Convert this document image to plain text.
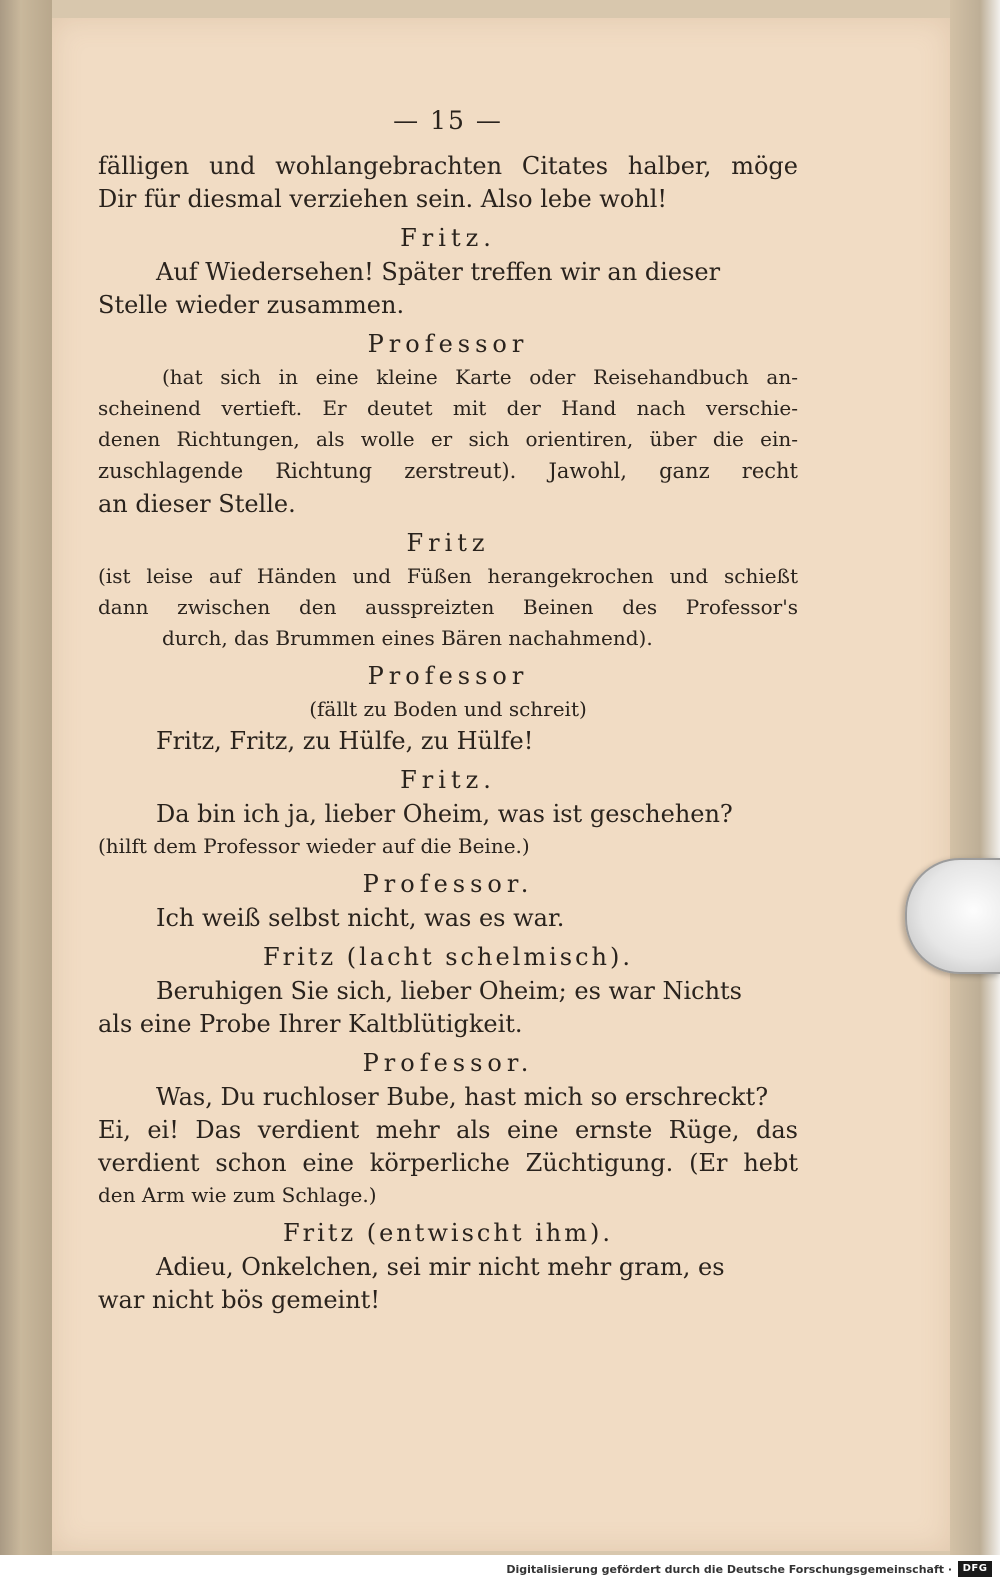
— 15 —
fälligen und wohlangebrachten Citates halber, möge
Dir für diesmal verziehen sein. Also lebe wohl!
Fritz.
Auf Wiedersehen! Später treffen wir an dieser
Stelle wieder zusammen.
Professor
(hat sich in eine kleine Karte oder Reisehandbuch an-
scheinend vertieft. Er deutet mit der Hand nach verschie-
denen Richtungen, als wolle er sich orientiren, über die ein-
zuschlagende Richtung zerstreut). Jawohl, ganz recht
an dieser Stelle.
Fritz
(ist leise auf Händen und Füßen herangekrochen und schießt
dann zwischen den ausspreizten Beinen des Professor's
durch, das Brummen eines Bären nachahmend).
Professor
(fällt zu Boden und schreit)
Fritz, Fritz, zu Hülfe, zu Hülfe!
Fritz.
Da bin ich ja, lieber Oheim, was ist geschehen?
(hilft dem Professor wieder auf die Beine.)
Professor.
Ich weiß selbst nicht, was es war.
Fritz (lacht schelmisch).
Beruhigen Sie sich, lieber Oheim; es war Nichts
als eine Probe Ihrer Kaltblütigkeit.
Professor.
Was, Du ruchloser Bube, hast mich so erschreckt?
Ei, ei! Das verdient mehr als eine ernste Rüge, das
verdient schon eine körperliche Züchtigung. (Er hebt
den Arm wie zum Schlage.)
Fritz (entwischt ihm).
Adieu, Onkelchen, sei mir nicht mehr gram, es
war nicht bös gemeint!
Digitalisierung gefördert durch die Deutsche Forschungsgemeinschaft ·	DFG
